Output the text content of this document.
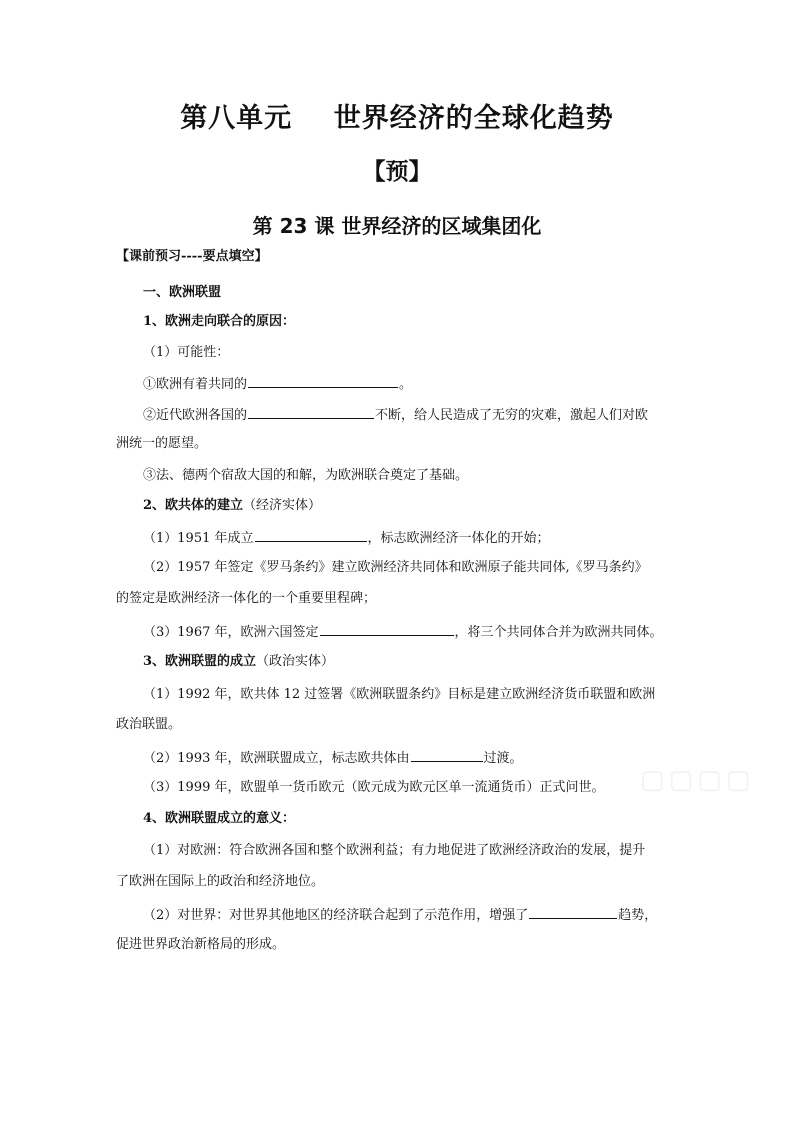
第八单元    世界经济的全球化趋势
【预】
第 23 课 世界经济的区域集团化
【课前预习----要点填空】
一、欧洲联盟
1、欧洲走向联合的原因：
（1）可能性：
①欧洲有着共同的	。
②近代欧洲各国的	不断，给人民造成了无穷的灾难，激起人们对欧
洲统一的愿望。
③法、德两个宿敌大国的和解，为欧洲联合奠定了基础。
2、欧共体的建立（经济实体）
（1）1951 年成立	，标志欧洲经济一体化的开始；
（2）1957 年签定《罗马条约》建立欧洲经济共同体和欧洲原子能共同体,《罗马条约》
的签定是欧洲经济一体化的一个重要里程碑；
（3）1967 年，欧洲六国签定	，将三个共同体合并为欧洲共同体。
3、欧洲联盟的成立（政治实体）
（1）1992 年，欧共体 12 过签署《欧洲联盟条约》目标是建立欧洲经济货币联盟和欧洲
政治联盟。
（2）1993 年，欧洲联盟成立，标志欧共体由	过渡。
（3）1999 年，欧盟单一货币欧元（欧元成为欧元区单一流通货币）正式问世。
4、欧洲联盟成立的意义：
（1）对欧洲：符合欧洲各国和整个欧洲利益；有力地促进了欧洲经济政治的发展，提升
了欧洲在国际上的政治和经济地位。
（2）对世界：对世界其他地区的经济联合起到了示范作用，增强了	趋势，
促进世界政治新格局的形成。
▢▢▢▢
